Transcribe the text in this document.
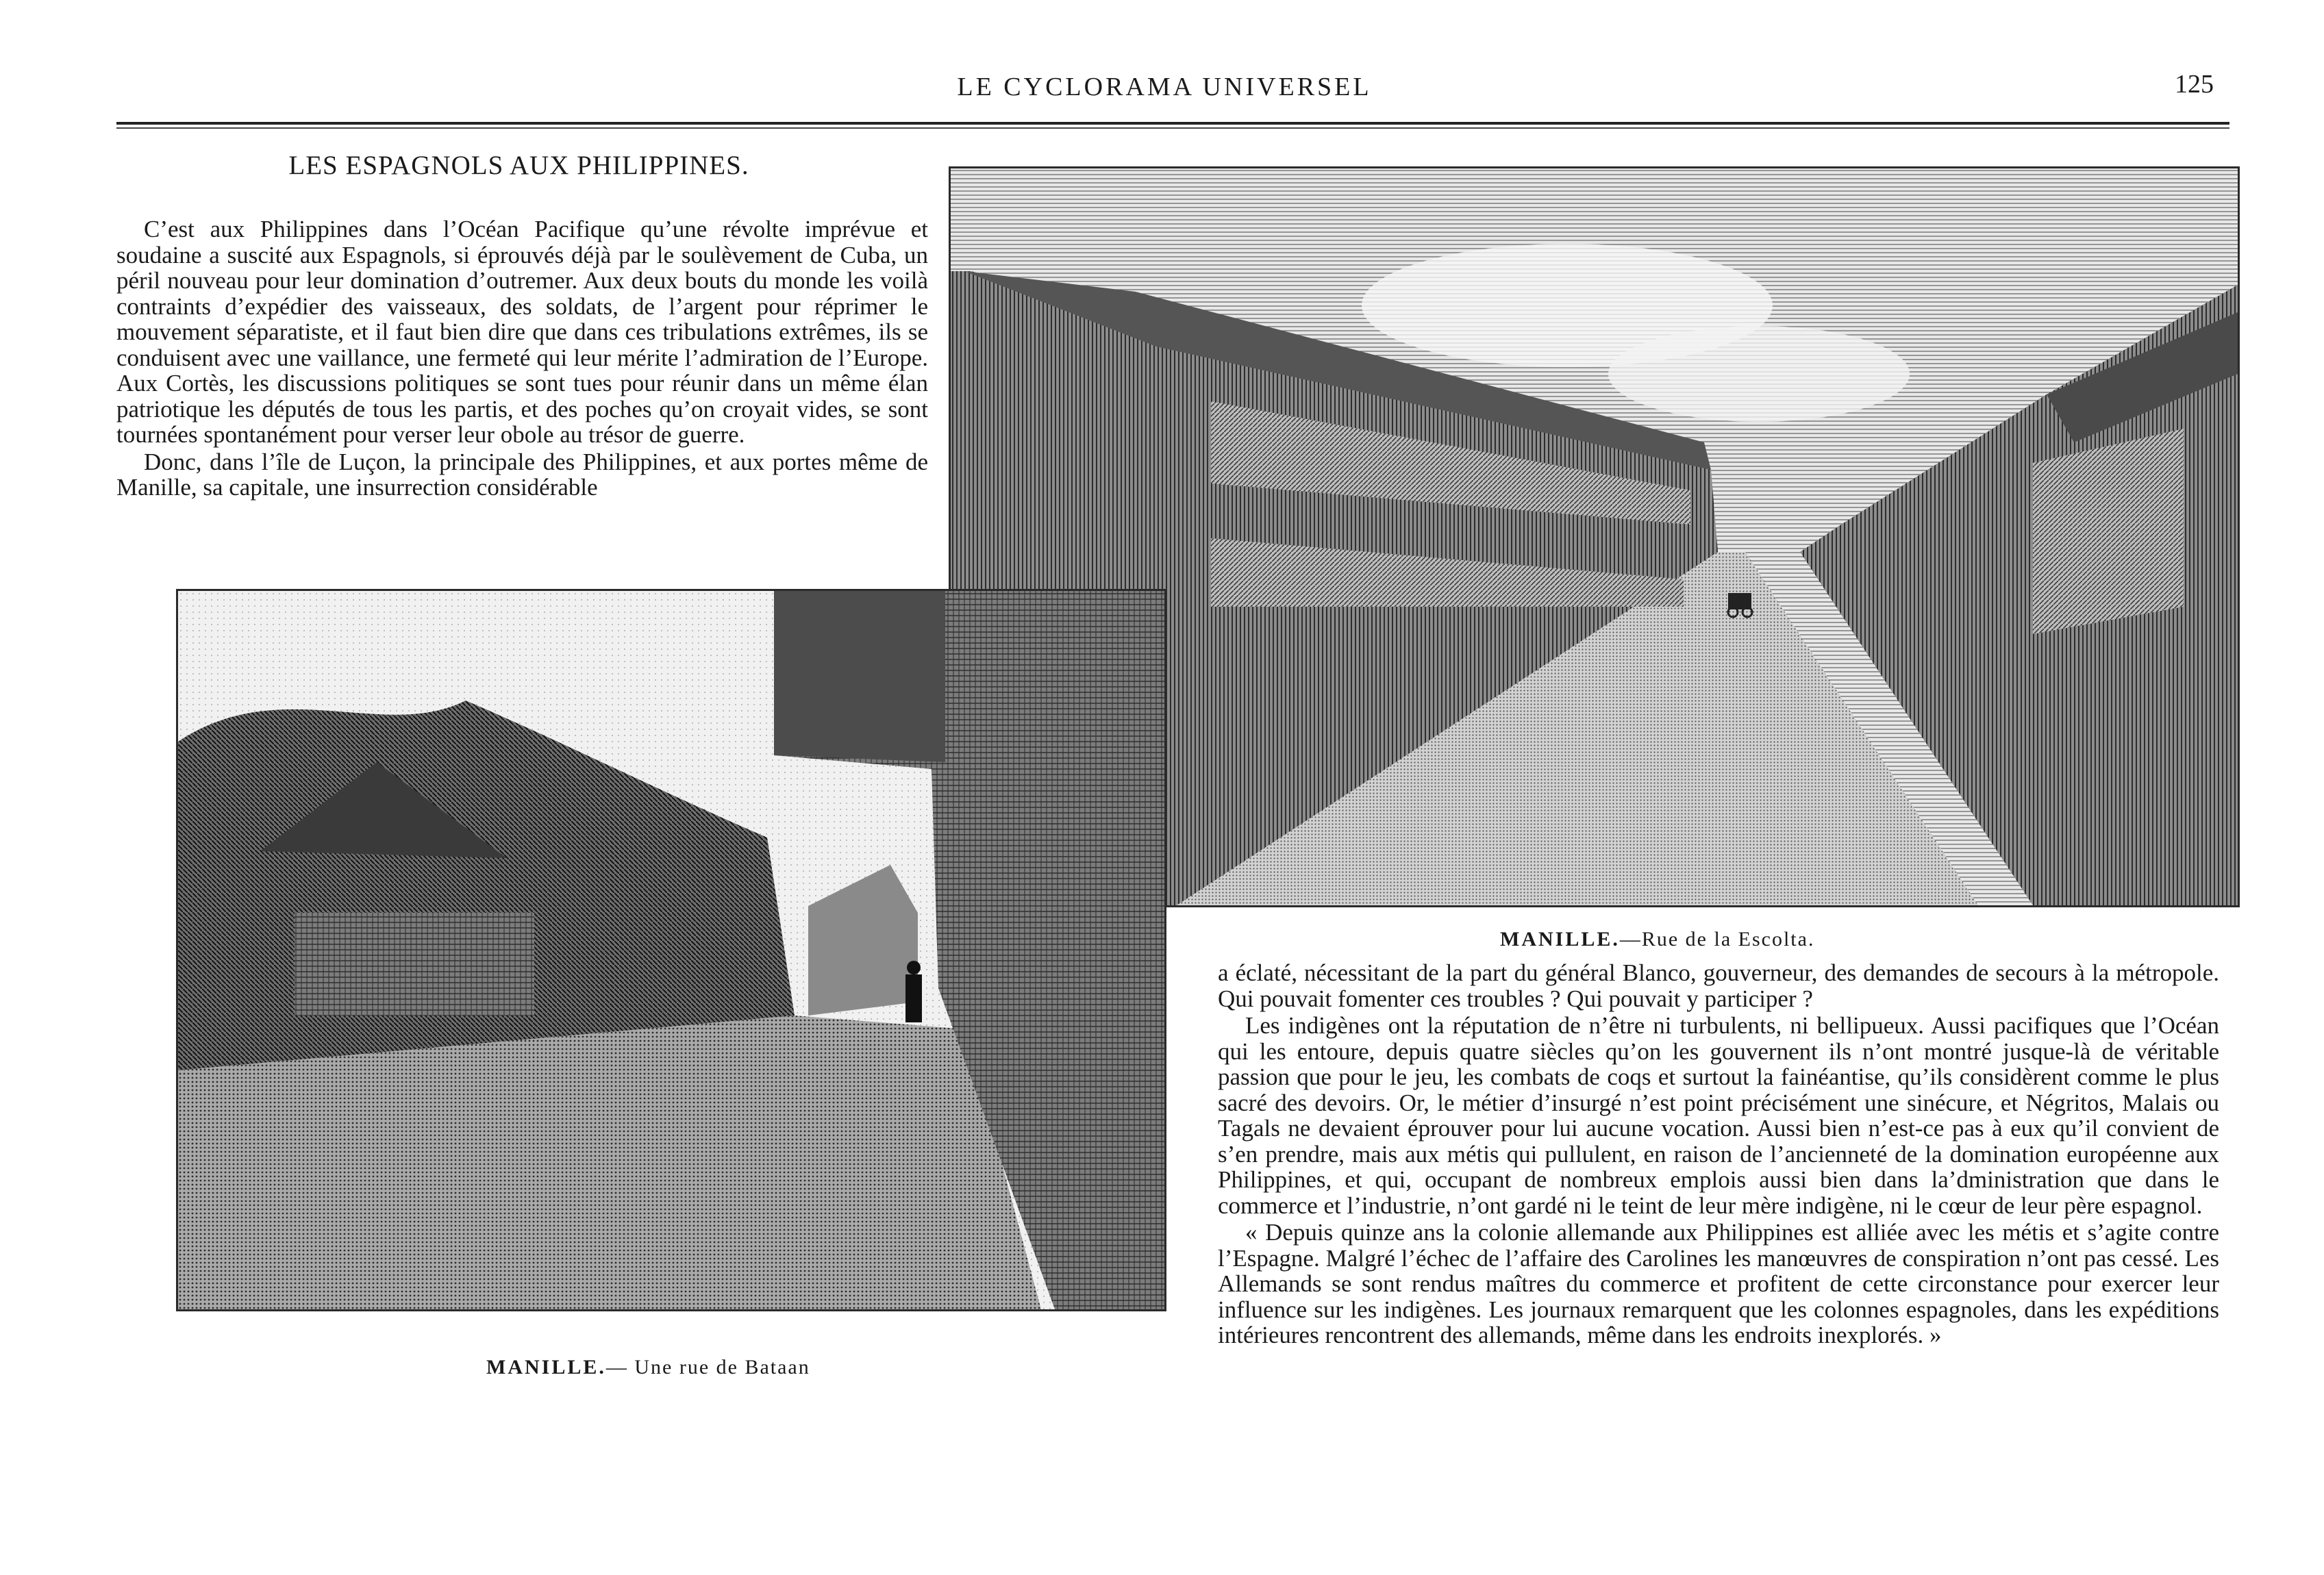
LE CYCLORAMA UNIVERSEL	125
LES ESPAGNOLS AUX PHILIPPINES.

C’est aux Philippines dans l’Océan Pacifique qu’une révolte imprévue et soudaine a suscité aux Espagnols, si éprouvés déjà par le soulèvement de Cuba, un péril nouveau pour leur domination d’outremer. Aux deux bouts du monde les voilà contraints d’expédier des vaisseaux, des soldats, de l’argent pour réprimer le mouvement séparatiste, et il faut bien dire que dans ces tribulations extrêmes, ils se conduisent avec une vaillance, une fermeté qui leur mérite l’admiration de l’Europe. Aux Cortès, les discussions politiques se sont tues pour réunir dans un même élan patriotique les députés de tous les partis, et des poches qu’on croyait vides, se sont tournées spontanément pour verser leur obole au trésor de guerre.

Donc, dans l’île de Luçon, la principale des Philippines, et aux portes même de Manille, sa capitale, une insurrection considérable

MANILLE.—Rue de la Escolta.
MANILLE.— Une rue de Bataan

a éclaté, nécessitant de la part du général Blanco, gouverneur, des demandes de secours à la métropole. Qui pouvait fomenter ces troubles ? Qui pouvait y participer ?

Les indigènes ont la réputation de n’être ni turbulents, ni bellipueux. Aussi pacifiques que l’Océan qui les entoure, depuis quatre siècles qu’on les gouvernent ils n’ont montré jusque-là de véritable passion que pour le jeu, les combats de coqs et surtout la fainéantise, qu’ils considèrent comme le plus sacré des devoirs. Or, le métier d’insurgé n’est point précisément une sinécure, et Négritos, Malais ou Tagals ne devaient éprouver pour lui aucune vocation. Aussi bien n’est-ce pas à eux qu’il convient de s’en prendre, mais aux métis qui pullulent, en raison de l’ancienneté de la domination européenne aux Philippines, et qui, occupant de nombreux emplois aussi bien dans la’dministration que dans le commerce et l’industrie, n’ont gardé ni le teint de leur mère indigène, ni le cœur de leur père espagnol.

« Depuis quinze ans la colonie allemande aux Philippines est alliée avec les métis et s’agite contre l’Espagne. Malgré l’échec de l’affaire des Carolines les manœuvres de conspiration n’ont pas cessé. Les Allemands se sont rendus maîtres du commerce et profitent de cette circonstance pour exercer leur influence sur les indigènes. Les journaux remarquent que les colonnes espagnoles, dans les expéditions intérieures rencontrent des allemands, même dans les endroits inexplorés. »
